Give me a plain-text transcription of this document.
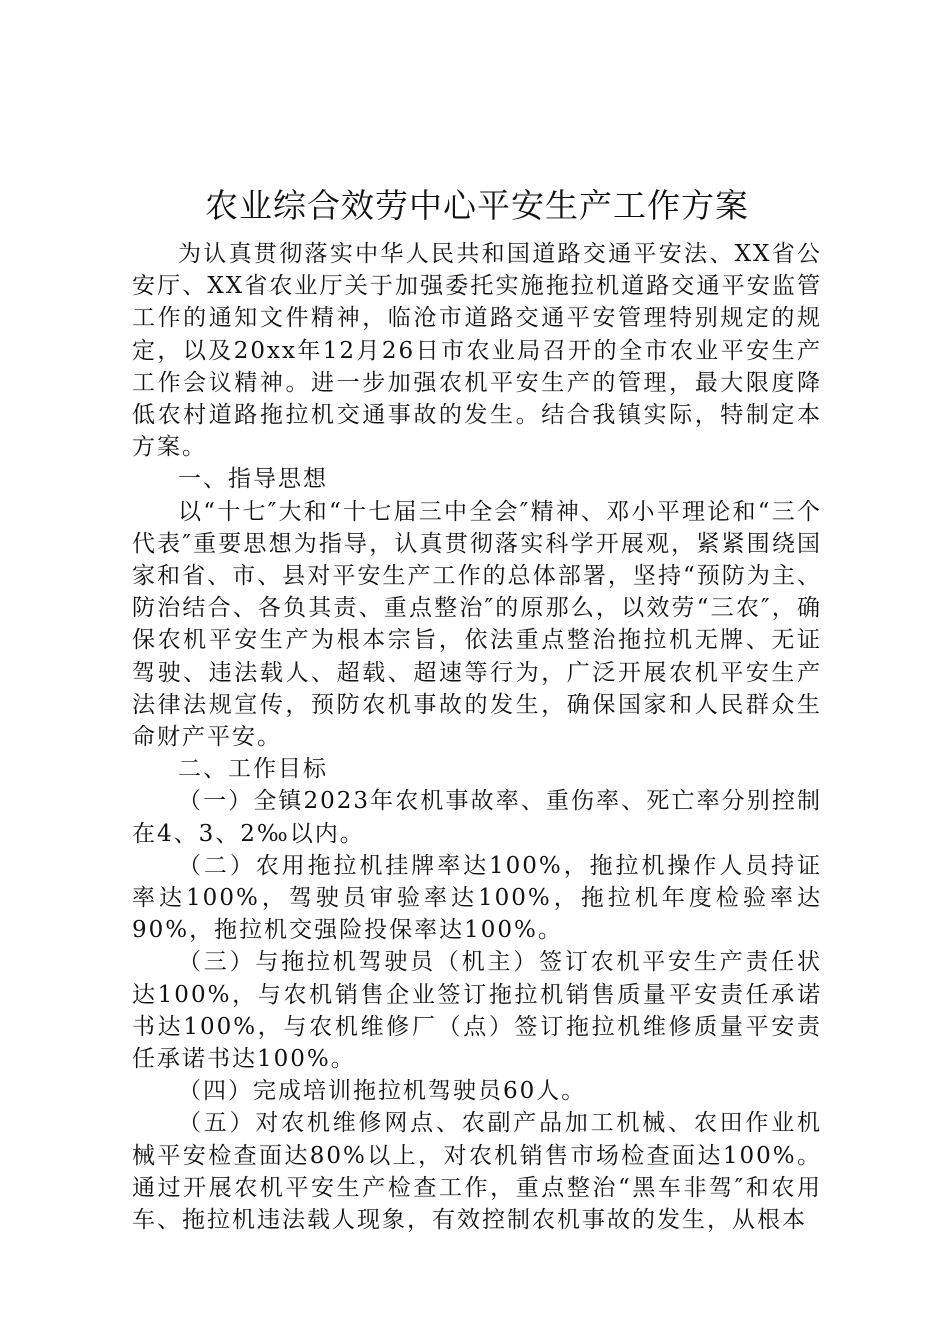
农业综合效劳中心平安生产工作方案

为认真贯彻落实中华人民共和国道路交通平安法、XX省公安厅、XX省农业厅关于加强委托实施拖拉机道路交通平安监管工作的通知文件精神，临沧市道路交通平安管理特别规定的规定，以及20xx年12月26日市农业局召开的全市农业平安生产工作会议精神。进一步加强农机平安生产的管理，最大限度降低农村道路拖拉机交通事故的发生。结合我镇实际，特制定本方案。

一、指导思想

以“十七″大和“十七届三中全会″精神、邓小平理论和“三个代表″重要思想为指导，认真贯彻落实科学开展观，紧紧围绕国家和省、市、县对平安生产工作的总体部署，坚持“预防为主、防治结合、各负其责、重点整治″的原那么，以效劳“三农″，确保农机平安生产为根本宗旨，依法重点整治拖拉机无牌、无证驾驶、违法载人、超载、超速等行为，广泛开展农机平安生产法律法规宣传，预防农机事故的发生，确保国家和人民群众生命财产平安。

二、工作目标

（一）全镇2023年农机事故率、重伤率、死亡率分别控制在4、3、2‰以内。

（二）农用拖拉机挂牌率达100%，拖拉机操作人员持证率达100%，驾驶员审验率达100%，拖拉机年度检验率达90%，拖拉机交强险投保率达100%。

（三）与拖拉机驾驶员（机主）签订农机平安生产责任状达100%，与农机销售企业签订拖拉机销售质量平安责任承诺书达100%，与农机维修厂（点）签订拖拉机维修质量平安责任承诺书达100%。

（四）完成培训拖拉机驾驶员60人。

（五）对农机维修网点、农副产品加工机械、农田作业机械平安检查面达80%以上，对农机销售市场检查面达100%。通过开展农机平安生产检查工作，重点整治“黑车非驾″和农用车、拖拉机违法载人现象，有效控制农机事故的发生，从根本
